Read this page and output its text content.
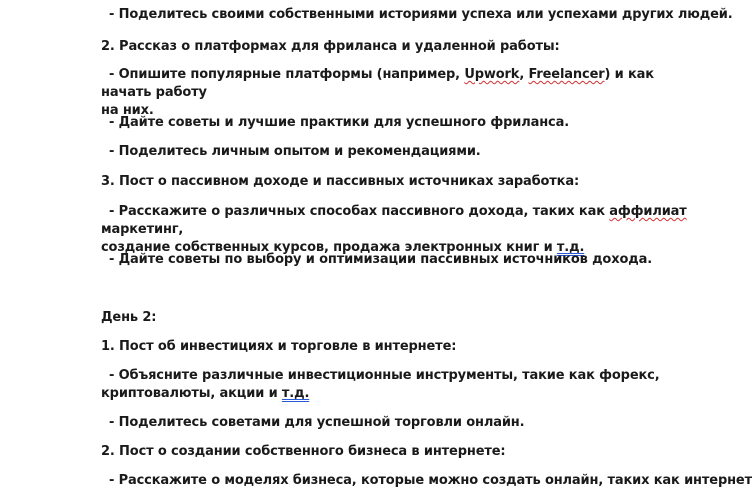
- Поделитесь своими собственными историями успеха или успехами других людей.

2. Рассказ о платформах для фриланса и удаленной работы:

- Опишите популярные платформы (например, Upwork, Freelancer) и как начать работу
на них.

- Дайте советы и лучшие практики для успешного фриланса.

- Поделитесь личным опытом и рекомендациями.

3. Пост о пассивном доходе и пассивных источниках заработка:

- Расскажите о различных способах пассивного дохода, таких как аффилиат маркетинг,
создание собственных курсов, продажа электронных книг и т.д.

- Дайте советы по выбору и оптимизации пассивных источников дохода.

День 2:

1. Пост об инвестициях и торговле в интернете:

- Объясните различные инвестиционные инструменты, такие как форекс,
криптовалюты, акции и т.д.

- Поделитесь советами для успешной торговли онлайн.

2. Пост о создании собственного бизнеса в интернете:

- Расскажите о моделях бизнеса, которые можно создать онлайн, таких как интернет
